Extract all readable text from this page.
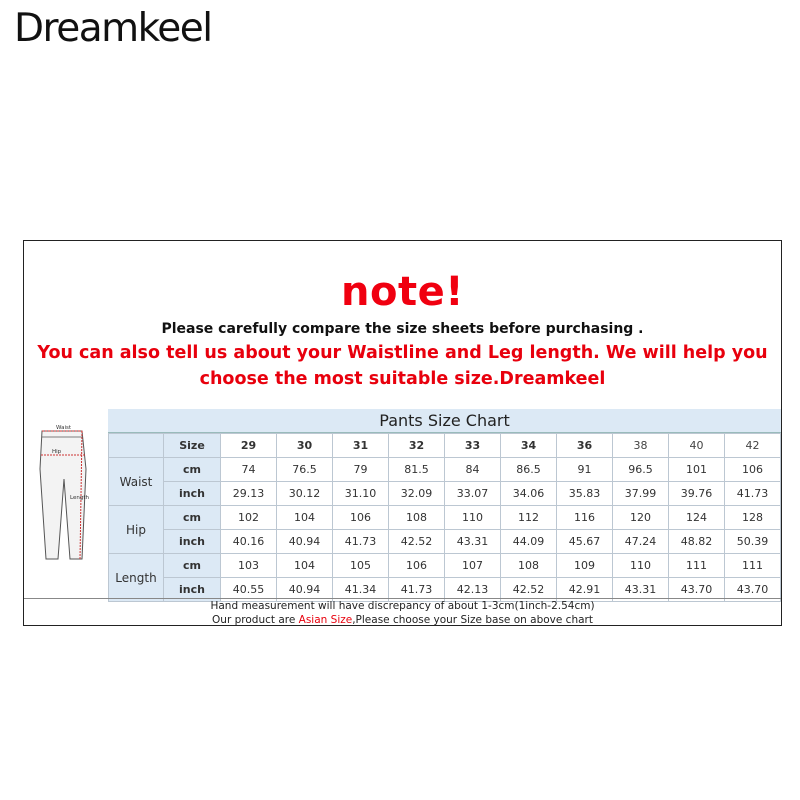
Dreamkeel
note!
Please carefully compare the size sheets before purchasing .
You can also tell us about your Waistline and Leg length. We will help you
choose the most suitable size.Dreamkeel
Waist
Hip
Length
Pants Size Chart
	Size	29	30	31	32	33	34	36	38	40	42
Waist	cm	74	76.5	79	81.5	84	86.5	91	96.5	101	106
	inch	29.13	30.12	31.10	32.09	33.07	34.06	35.83	37.99	39.76	41.73
Hip	cm	102	104	106	108	110	112	116	120	124	128
	inch	40.16	40.94	41.73	42.52	43.31	44.09	45.67	47.24	48.82	50.39
Length	cm	103	104	105	106	107	108	109	110	111	111
	inch	40.55	40.94	41.34	41.73	42.13	42.52	42.91	43.31	43.70	43.70
Hand measurement will have discrepancy of about 1-3cm(1inch-2.54cm)
Our product are Asian Size,Please choose your Size base on above chart
